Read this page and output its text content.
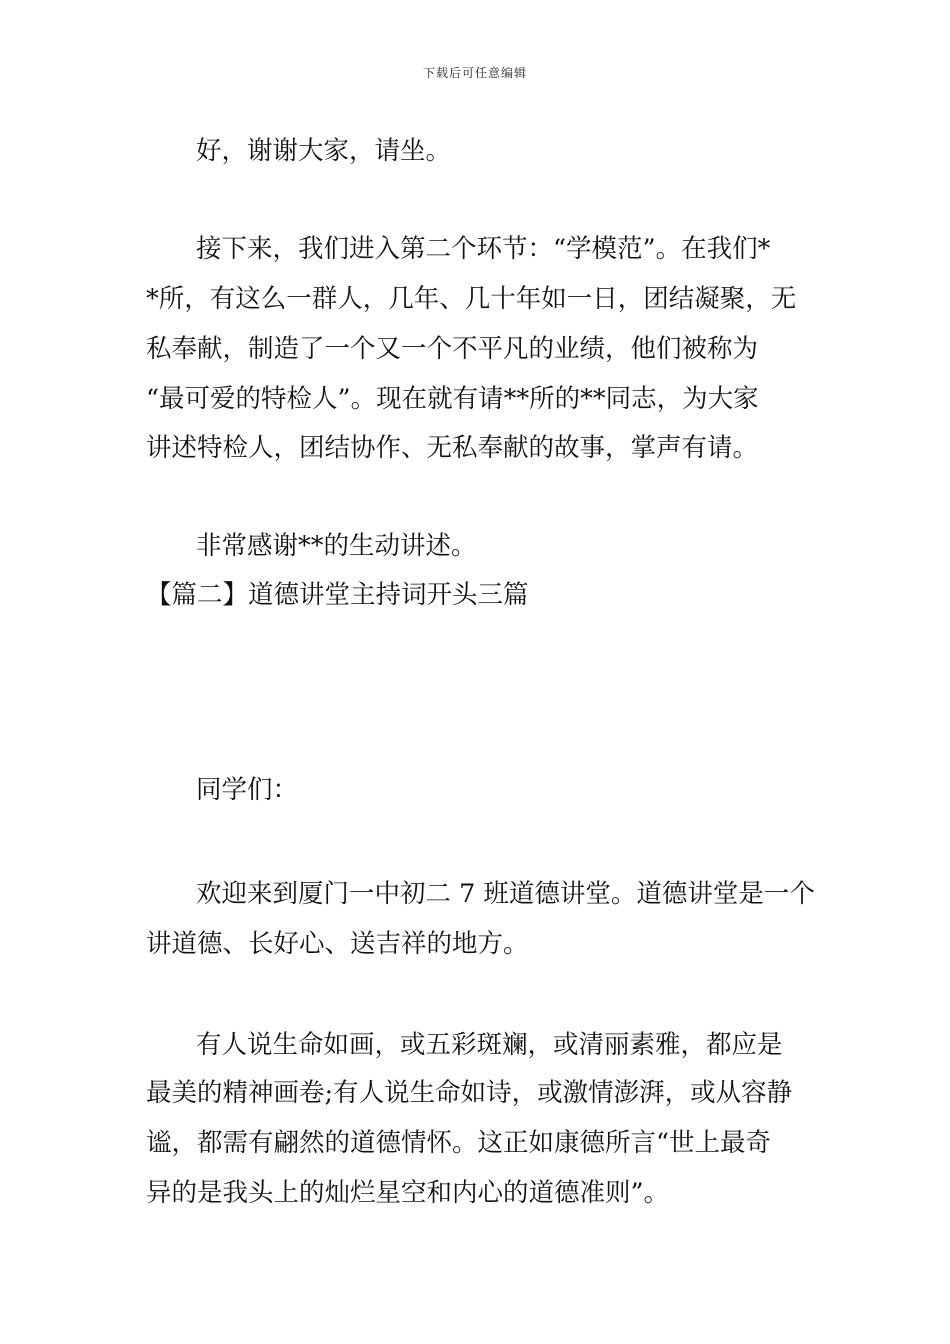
下载后可任意编辑
好，谢谢大家，请坐。
接下来，我们进入第二个环节：“学模范”。在我们*
*所，有这么一群人，几年、几十年如一日，团结凝聚，无
私奉献，制造了一个又一个不平凡的业绩，他们被称为
“最可爱的特检人”。现在就有请**所的**同志，为大家
讲述特检人，团结协作、无私奉献的故事，掌声有请。
非常感谢**的生动讲述。
【篇二】道德讲堂主持词开头三篇
同学们：
欢迎来到厦门一中初二 7 班道德讲堂。道德讲堂是一个
讲道德、长好心、送吉祥的地方。
有人说生命如画，或五彩斑斓，或清丽素雅，都应是
最美的精神画卷;有人说生命如诗，或激情澎湃，或从容静
谧，都需有翩然的道德情怀。这正如康德所言“世上最奇
异的是我头上的灿烂星空和内心的道德准则”。
